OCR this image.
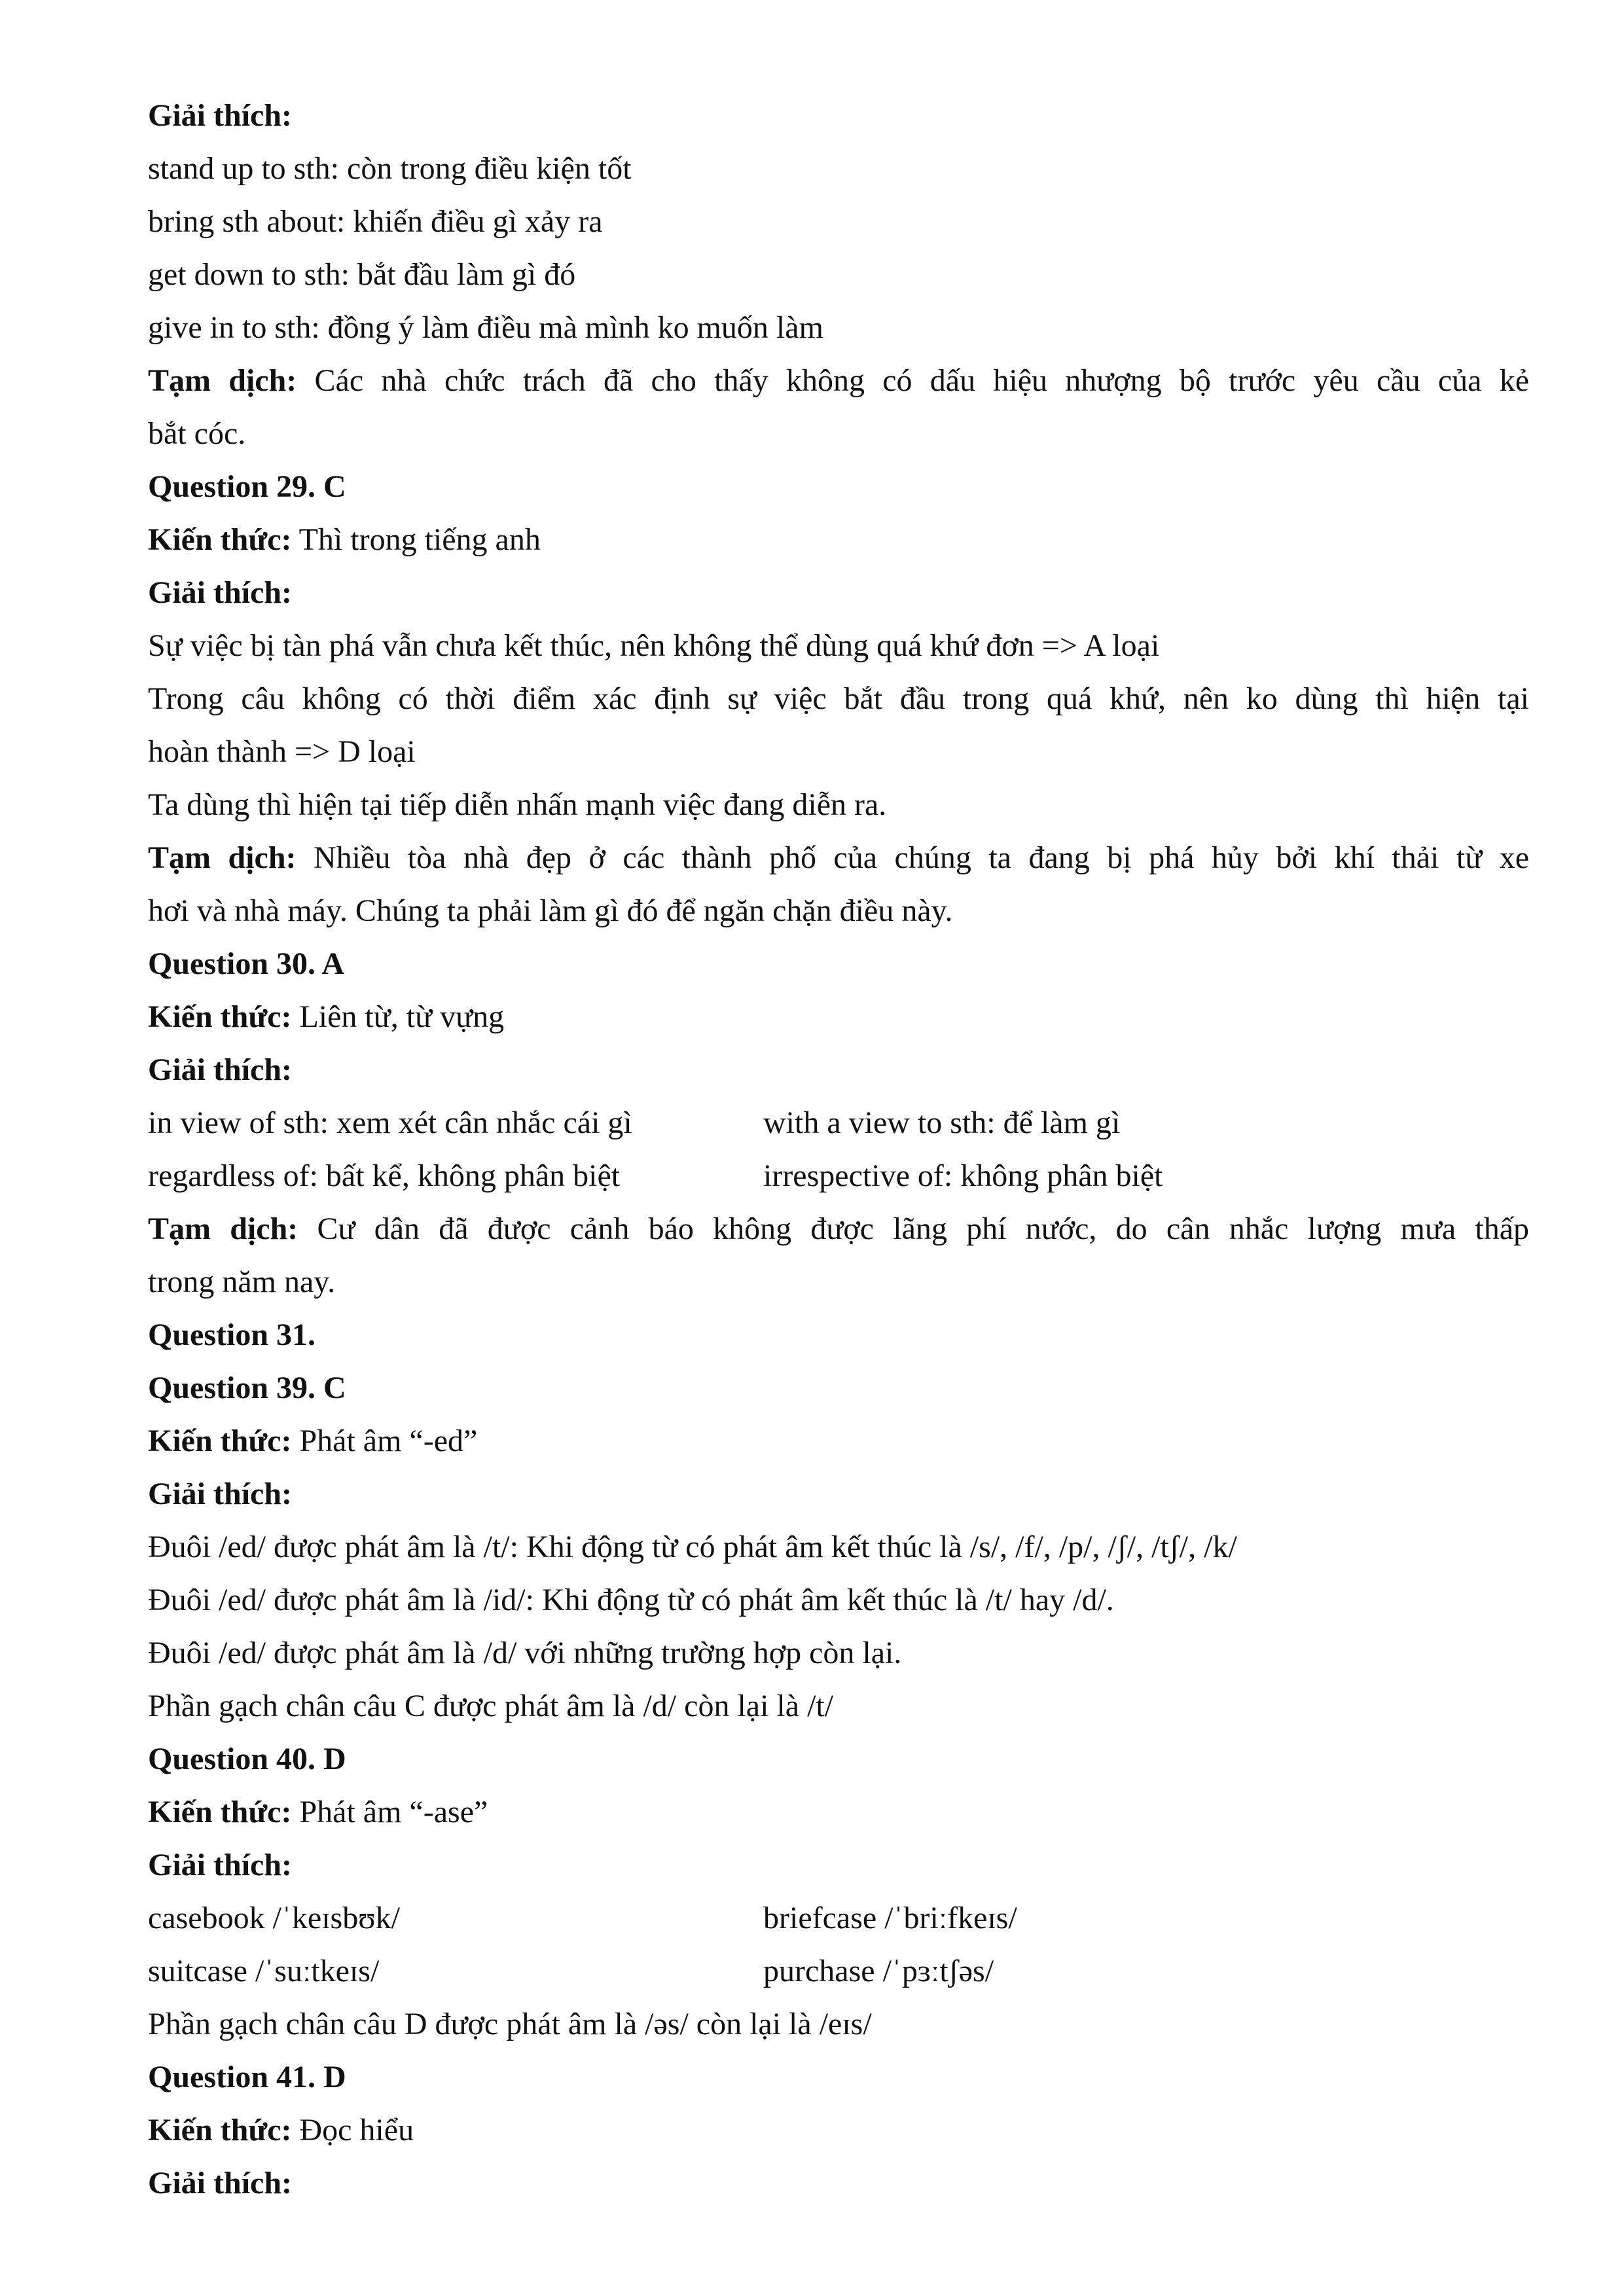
Giải thích:
stand up to sth: còn trong điều kiện tốt
bring sth about: khiến điều gì xảy ra
get down to sth: bắt đầu làm gì đó
give in to sth: đồng ý làm điều mà mình ko muốn làm
Tạm dịch: Các nhà chức trách đã cho thấy không có dấu hiệu nhượng bộ trước yêu cầu của kẻ
bắt cóc.
Question 29. C
Kiến thức: Thì trong tiếng anh
Giải thích:
Sự việc bị tàn phá vẫn chưa kết thúc, nên không thể dùng quá khứ đơn => A loại
Trong câu không có thời điểm xác định sự việc bắt đầu trong quá khứ, nên ko dùng thì hiện tại
hoàn thành => D loại
Ta dùng thì hiện tại tiếp diễn nhấn mạnh việc đang diễn ra.
Tạm dịch: Nhiều tòa nhà đẹp ở các thành phố của chúng ta đang bị phá hủy bởi khí thải từ xe
hơi và nhà máy. Chúng ta phải làm gì đó để ngăn chặn điều này.
Question 30. A
Kiến thức: Liên từ, từ vựng
Giải thích:
in view of sth: xem xét cân nhắc cái gì	with a view to sth: để làm gì
regardless of: bất kể, không phân biệt	irrespective of: không phân biệt
Tạm dịch: Cư dân đã được cảnh báo không được lãng phí nước, do cân nhắc lượng mưa thấp
trong năm nay.
Question 31.
Question 39. C
Kiến thức: Phát âm “-ed”
Giải thích:
Đuôi /ed/ được phát âm là /t/: Khi động từ có phát âm kết thúc là /s/, /f/, /p/, /ʃ/, /tʃ/, /k/
Đuôi /ed/ được phát âm là /id/: Khi động từ có phát âm kết thúc là /t/ hay /d/.
Đuôi /ed/ được phát âm là /d/ với những trường hợp còn lại.
Phần gạch chân câu C được phát âm là /d/ còn lại là /t/
Question 40. D
Kiến thức: Phát âm “-ase”
Giải thích:
casebook /ˈkeɪsbʊk/	briefcase /ˈbriːfkeɪs/
suitcase /ˈsuːtkeɪs/	purchase /ˈpɜːtʃəs/
Phần gạch chân câu D được phát âm là /əs/ còn lại là /eɪs/
Question 41. D
Kiến thức: Đọc hiểu
Giải thích:
